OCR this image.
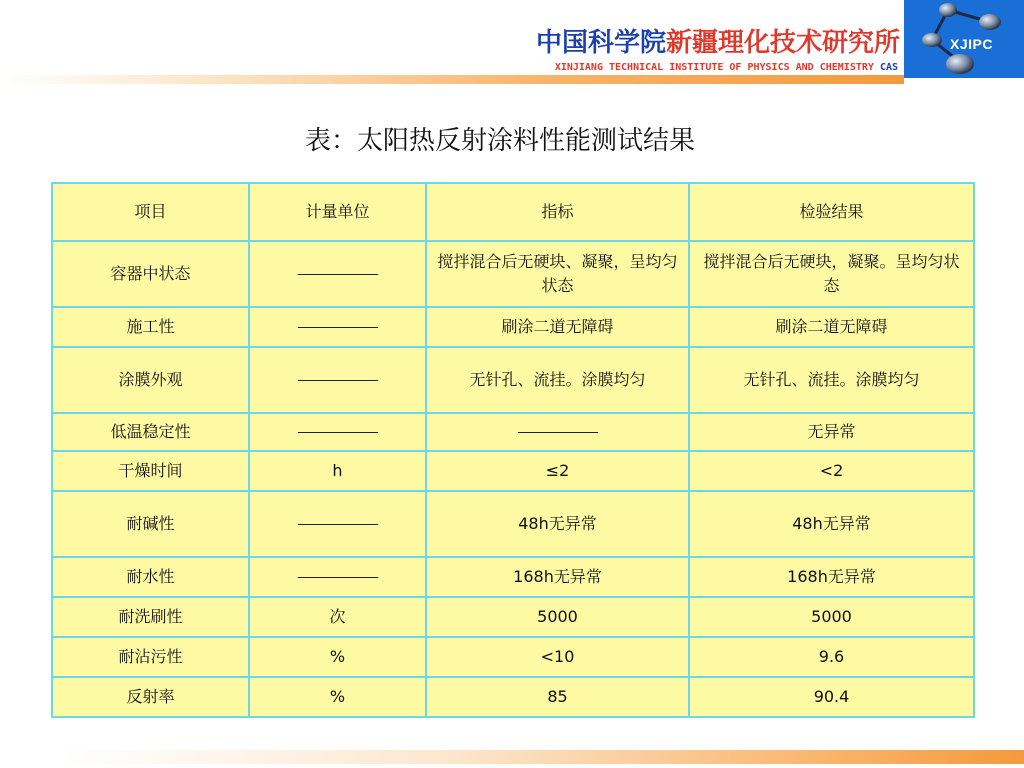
中国科学院新疆理化技术研究所
XINJIANG TECHNICAL INSTITUTE OF PHYSICS AND CHEMISTRY CAS
XJIPC
表：太阳热反射涂料性能测试结果
项目	计量单位	指标	检验结果
容器中状态		搅拌混合后无硬块、凝聚，呈均匀状态	搅拌混合后无硬块，凝聚。呈均匀状态
施工性		刷涂二道无障碍	刷涂二道无障碍
涂膜外观		无针孔、流挂。涂膜均匀	无针孔、流挂。涂膜均匀
低温稳定性			无异常
干燥时间	h	≤2	<2
耐碱性		48h无异常	48h无异常
耐水性		168h无异常	168h无异常
耐洗刷性	次	5000	5000
耐沾污性	%	<10	9.6
反射率	%	85	90.4
